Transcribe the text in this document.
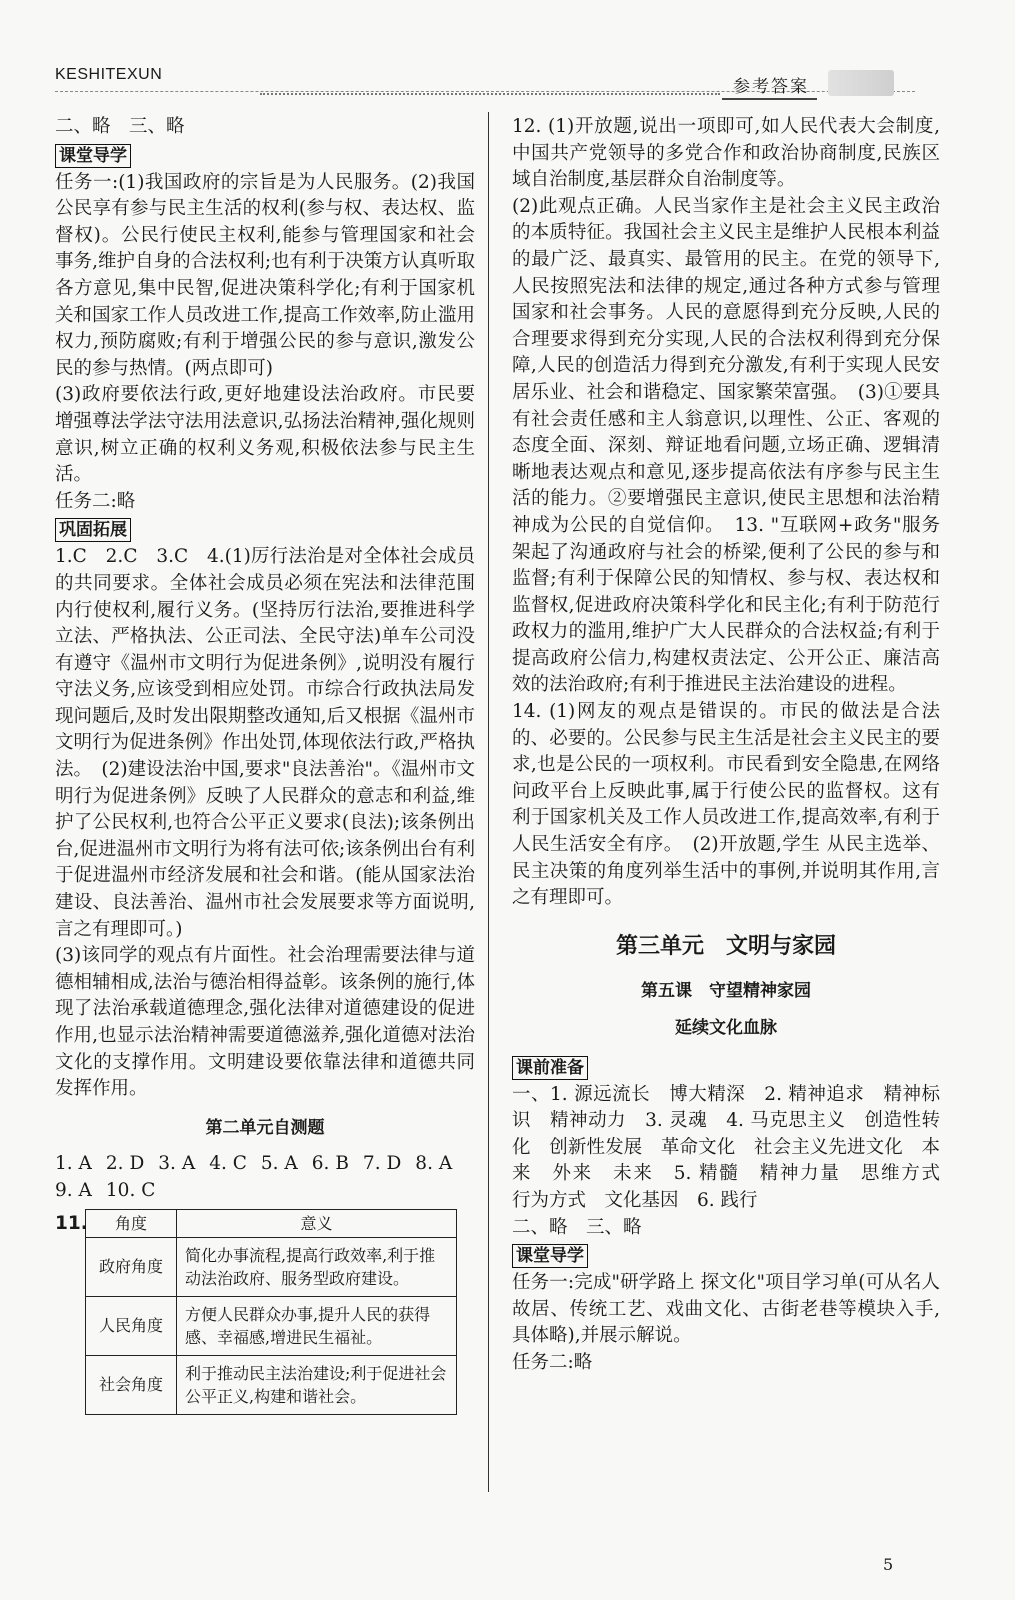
KESHITEXUN
参考答案

二、略　三、略

课堂导学

任务一:(1)我国政府的宗旨是为人民服务。(2)我国公民享有参与民主生活的权利(参与权、表达权、监督权)。公民行使民主权利,能参与管理国家和社会事务,维护自身的合法权利;也有利于决策方认真听取各方意见,集中民智,促进决策科学化;有利于国家机关和国家工作人员改进工作,提高工作效率,防止滥用权力,预防腐败;有利于增强公民的参与意识,激发公民的参与热情。(两点即可)

(3)政府要依法行政,更好地建设法治政府。市民要增强尊法学法守法用法意识,弘扬法治精神,强化规则意识,树立正确的权利义务观,积极依法参与民主生活。

任务二:略

巩固拓展

1.C　2.C　3.C　4.(1)厉行法治是对全体社会成员的共同要求。全体社会成员必须在宪法和法律范围内行使权利,履行义务。(坚持厉行法治,要推进科学立法、严格执法、公正司法、全民守法)单车公司没有遵守《温州市文明行为促进条例》,说明没有履行守法义务,应该受到相应处罚。市综合行政执法局发现问题后,及时发出限期整改通知,后又根据《温州市文明行为促进条例》作出处罚,体现依法行政,严格执法。　(2)建设法治中国,要求"良法善治"。《温州市文明行为促进条例》反映了人民群众的意志和利益,维护了公民权利,也符合公平正义要求(良法);该条例出台,促进温州市文明行为将有法可依;该条例出台有利于促进温州市经济发展和社会和谐。(能从国家法治建设、良法善治、温州市社会发展要求等方面说明,言之有理即可。)

(3)该同学的观点有片面性。社会治理需要法律与道德相辅相成,法治与德治相得益彰。该条例的施行,体现了法治承载道德理念,强化法律对道德建设的促进作用,也显示法治精神需要道德滋养,强化道德对法治文化的支撑作用。文明建设要依靠法律和道德共同发挥作用。

第二单元自测题
1. A 2. D 3. A 4. C 5. A 6. B 7. D 8. A
9. A 10. C
11. 角度	意义
政府角度	简化办事流程,提高行政效率,利于推动法治政府、服务型政府建设。
人民角度	方便人民群众办事,提升人民的获得感、幸福感,增进民生福祉。
社会角度	利于推动民主法治建设;利于促进社会公平正义,构建和谐社会。

12. (1)开放题,说出一项即可,如人民代表大会制度,中国共产党领导的多党合作和政治协商制度,民族区域自治制度,基层群众自治制度等。

(2)此观点正确。人民当家作主是社会主义民主政治的本质特征。我国社会主义民主是维护人民根本利益的最广泛、最真实、最管用的民主。在党的领导下,人民按照宪法和法律的规定,通过各种方式参与管理国家和社会事务。人民的意愿得到充分反映,人民的合理要求得到充分实现,人民的合法权利得到充分保障,人民的创造活力得到充分激发,有利于实现人民安居乐业、社会和谐稳定、国家繁荣富强。　(3)①要具有社会责任感和主人翁意识,以理性、公正、客观的态度全面、深刻、辩证地看问题,立场正确、逻辑清晰地表达观点和意见,逐步提高依法有序参与民主生活的能力。②要增强民主意识,使民主思想和法治精神成为公民的自觉信仰。　13. "互联网+政务"服务架起了沟通政府与社会的桥梁,便利了公民的参与和监督;有利于保障公民的知情权、参与权、表达权和监督权,促进政府决策科学化和民主化;有利于防范行政权力的滥用,维护广大人民群众的合法权益;有利于提高政府公信力,构建权责法定、公开公正、廉洁高效的法治政府;有利于推进民主法治建设的进程。

14. (1)网友的观点是错误的。市民的做法是合法的、必要的。公民参与民主生活是社会主义民主的要求,也是公民的一项权利。市民看到安全隐患,在网络问政平台上反映此事,属于行使公民的监督权。这有利于国家机关及工作人员改进工作,提高效率,有利于人民生活安全有序。　(2)开放题,学生 从民主选举、民主决策的角度列举生活中的事例,并说明其作用,言之有理即可。

第三单元　文明与家园
第五课　守望精神家园
延续文化血脉
课前准备

一、1. 源远流长　博大精深　2. 精神追求　精神标识　精神动力　3. 灵魂　4. 马克思主义　创造性转化　创新性发展　革命文化　社会主义先进文化　本来　外来　未来　5. 精髓　精神力量　思维方式　行为方式　文化基因　6. 践行

二、略　三、略

课堂导学

任务一:完成"研学路上 探文化"项目学习单(可从名人故居、传统工艺、戏曲文化、古街老巷等模块入手,具体略),并展示解说。

任务二:略

5
